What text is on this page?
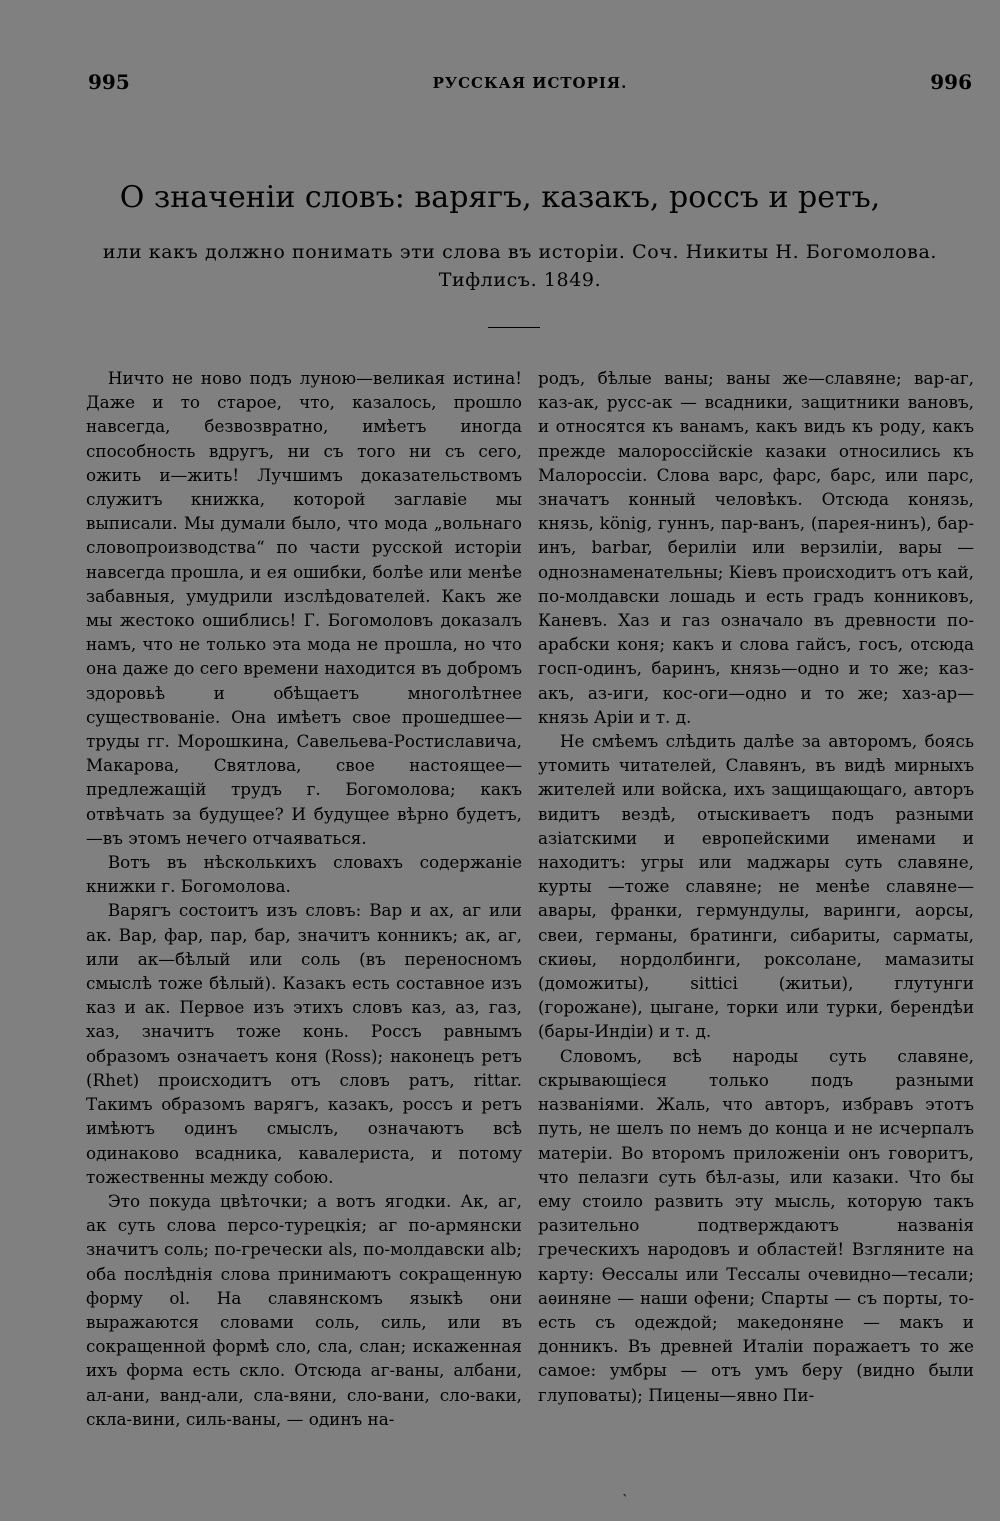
995	РУССКАЯ ИСТОРІЯ.	996
О значеніи словъ: варягъ, казакъ, россъ и ретъ,

или какъ должно понимать эти слова въ исторіи. Соч. Никиты Н. Богомолова. Тифлисъ. 1849.

Ничто не ново подъ луною—великая истина! Даже и то старое, что, казалось, прошло навсегда, безвозвратно, имѣетъ иногда способность вдругъ, ни съ того ни съ сего, ожить и—жить! Лучшимъ доказательствомъ служитъ книжка, которой заглавіе мы выписали. Мы думали было, что мода „вольнаго словопроизводства“ по части русской исторіи навсегда прошла, и ея ошибки, болѣе или менѣе забавныя, умудрили изслѣдователей. Какъ же мы жестоко ошиблись! Г. Богомоловъ доказалъ намъ, что не только эта мода не прошла, но что она даже до сего времени находится въ добромъ здоровьѣ и обѣщаетъ многолѣтнее существованіе. Она имѣетъ свое прошедшее—труды гг. Морошкина, Савельева-Ростиславича, Макарова, Святлова, свое настоящее—предлежащій трудъ г. Богомолова; какъ отвѣчать за будущее? И будущее вѣрно будетъ,—въ этомъ нечего отчаяваться.

Вотъ въ нѣсколькихъ словахъ содержаніе книжки г. Богомолова.

Варягъ состоитъ изъ словъ: Вар и ах, аг или ак. Вар, фар, пар, бар, значитъ конникъ; ак, аг, или ак—бѣлый или соль (въ переносномъ смыслѣ тоже бѣлый). Казакъ есть составное изъ каз и ак. Первое изъ этихъ словъ каз, аз, газ, хаз, значитъ тоже конь. Россъ равнымъ образомъ означаетъ коня (Ross); наконецъ ретъ (Rhet) происходитъ отъ словъ ратъ, rittar. Такимъ образомъ варягъ, казакъ, россъ и ретъ имѣютъ одинъ смыслъ, означаютъ всѣ одинаково всадника, кавалериста, и потому тожественны между собою.

Это покуда цвѣточки; а вотъ ягодки. Ак, аг, ак суть слова персо-турецкія; аг по-армянски значитъ соль; по-гречески als, по-молдавски alb; оба послѣднія слова принимаютъ сокращенную форму ol. На славянскомъ языкѣ они выражаются словами соль, силь, или въ сокращенной формѣ сло, сла, слан; искаженная ихъ форма есть скло. Отсюда аг-ваны, албани, ал-ани, ванд-али, сла-вяни, сло-вани, сло-ваки, скла-вини, силь-ваны, — одинъ на-

родъ, бѣлые ваны; ваны же—славяне; вар-аг, каз-ак, русс-ак — всадники, защитники вановъ, и относятся къ ванамъ, какъ видъ къ роду, какъ прежде малороссійскіе казаки относились къ Малороссіи. Слова варс, фарс, барс, или парс, значатъ конный человѣкъ. Отсюда конязь, князь, könig, гуннъ, пар-ванъ, (парея-нинъ), бар-инъ, barbar, бериліи или верзиліи, вары — однознаменательны; Кіевъ происходитъ отъ кай, по-молдавски лошадь и есть градъ конниковъ, Каневъ. Хаз и газ означало въ древности по-арабски коня; какъ и слова гайсъ, госъ, отсюда госп-одинъ, баринъ, князь—одно и то же; каз-акъ, аз-иги, кос-оги—одно и то же; хаз-ар—князь Аріи и т. д.

Не смѣемъ слѣдить далѣе за авторомъ, боясь утомить читателей, Славянъ, въ видѣ мирныхъ жителей или войска, ихъ защищающаго, авторъ видитъ вездѣ, отыскиваетъ подъ разными азіатскими и европейскими именами и находитъ: угры или маджары суть славяне, курты —тоже славяне; не менѣе славяне—авары, франки, гермундулы, варинги, аорсы, свеи, германы, братинги, сибариты, сарматы, скиѳы, нордолбинги, роксолане, мамазиты (доможиты), sitticі (житьи), глутунги (горожане), цыгане, торки или турки, берендѣи (бары-Индіи) и т. д.

Словомъ, всѣ народы суть славяне, скрывающіеся только подъ разными названіями. Жаль, что авторъ, избравъ этотъ путь, не шелъ по немъ до конца и не исчерпалъ матеріи. Во второмъ приложеніи онъ говоритъ, что пелазги суть бѣл-азы, или казаки. Что бы ему стоило развить эту мысль, которую такъ разительно подтверждаютъ названія греческихъ народовъ и областей! Взгляните на карту: Ѳессалы или Тессалы очевидно—тесали; аѳиняне — наши офени; Спарты — съ порты, то-есть съ одеждой; македоняне — макъ и донникъ. Въ древней Италіи поражаетъ то же самое: умбры — отъ умъ беру (видно были глуповаты); Пицены—явно Пи-

`
